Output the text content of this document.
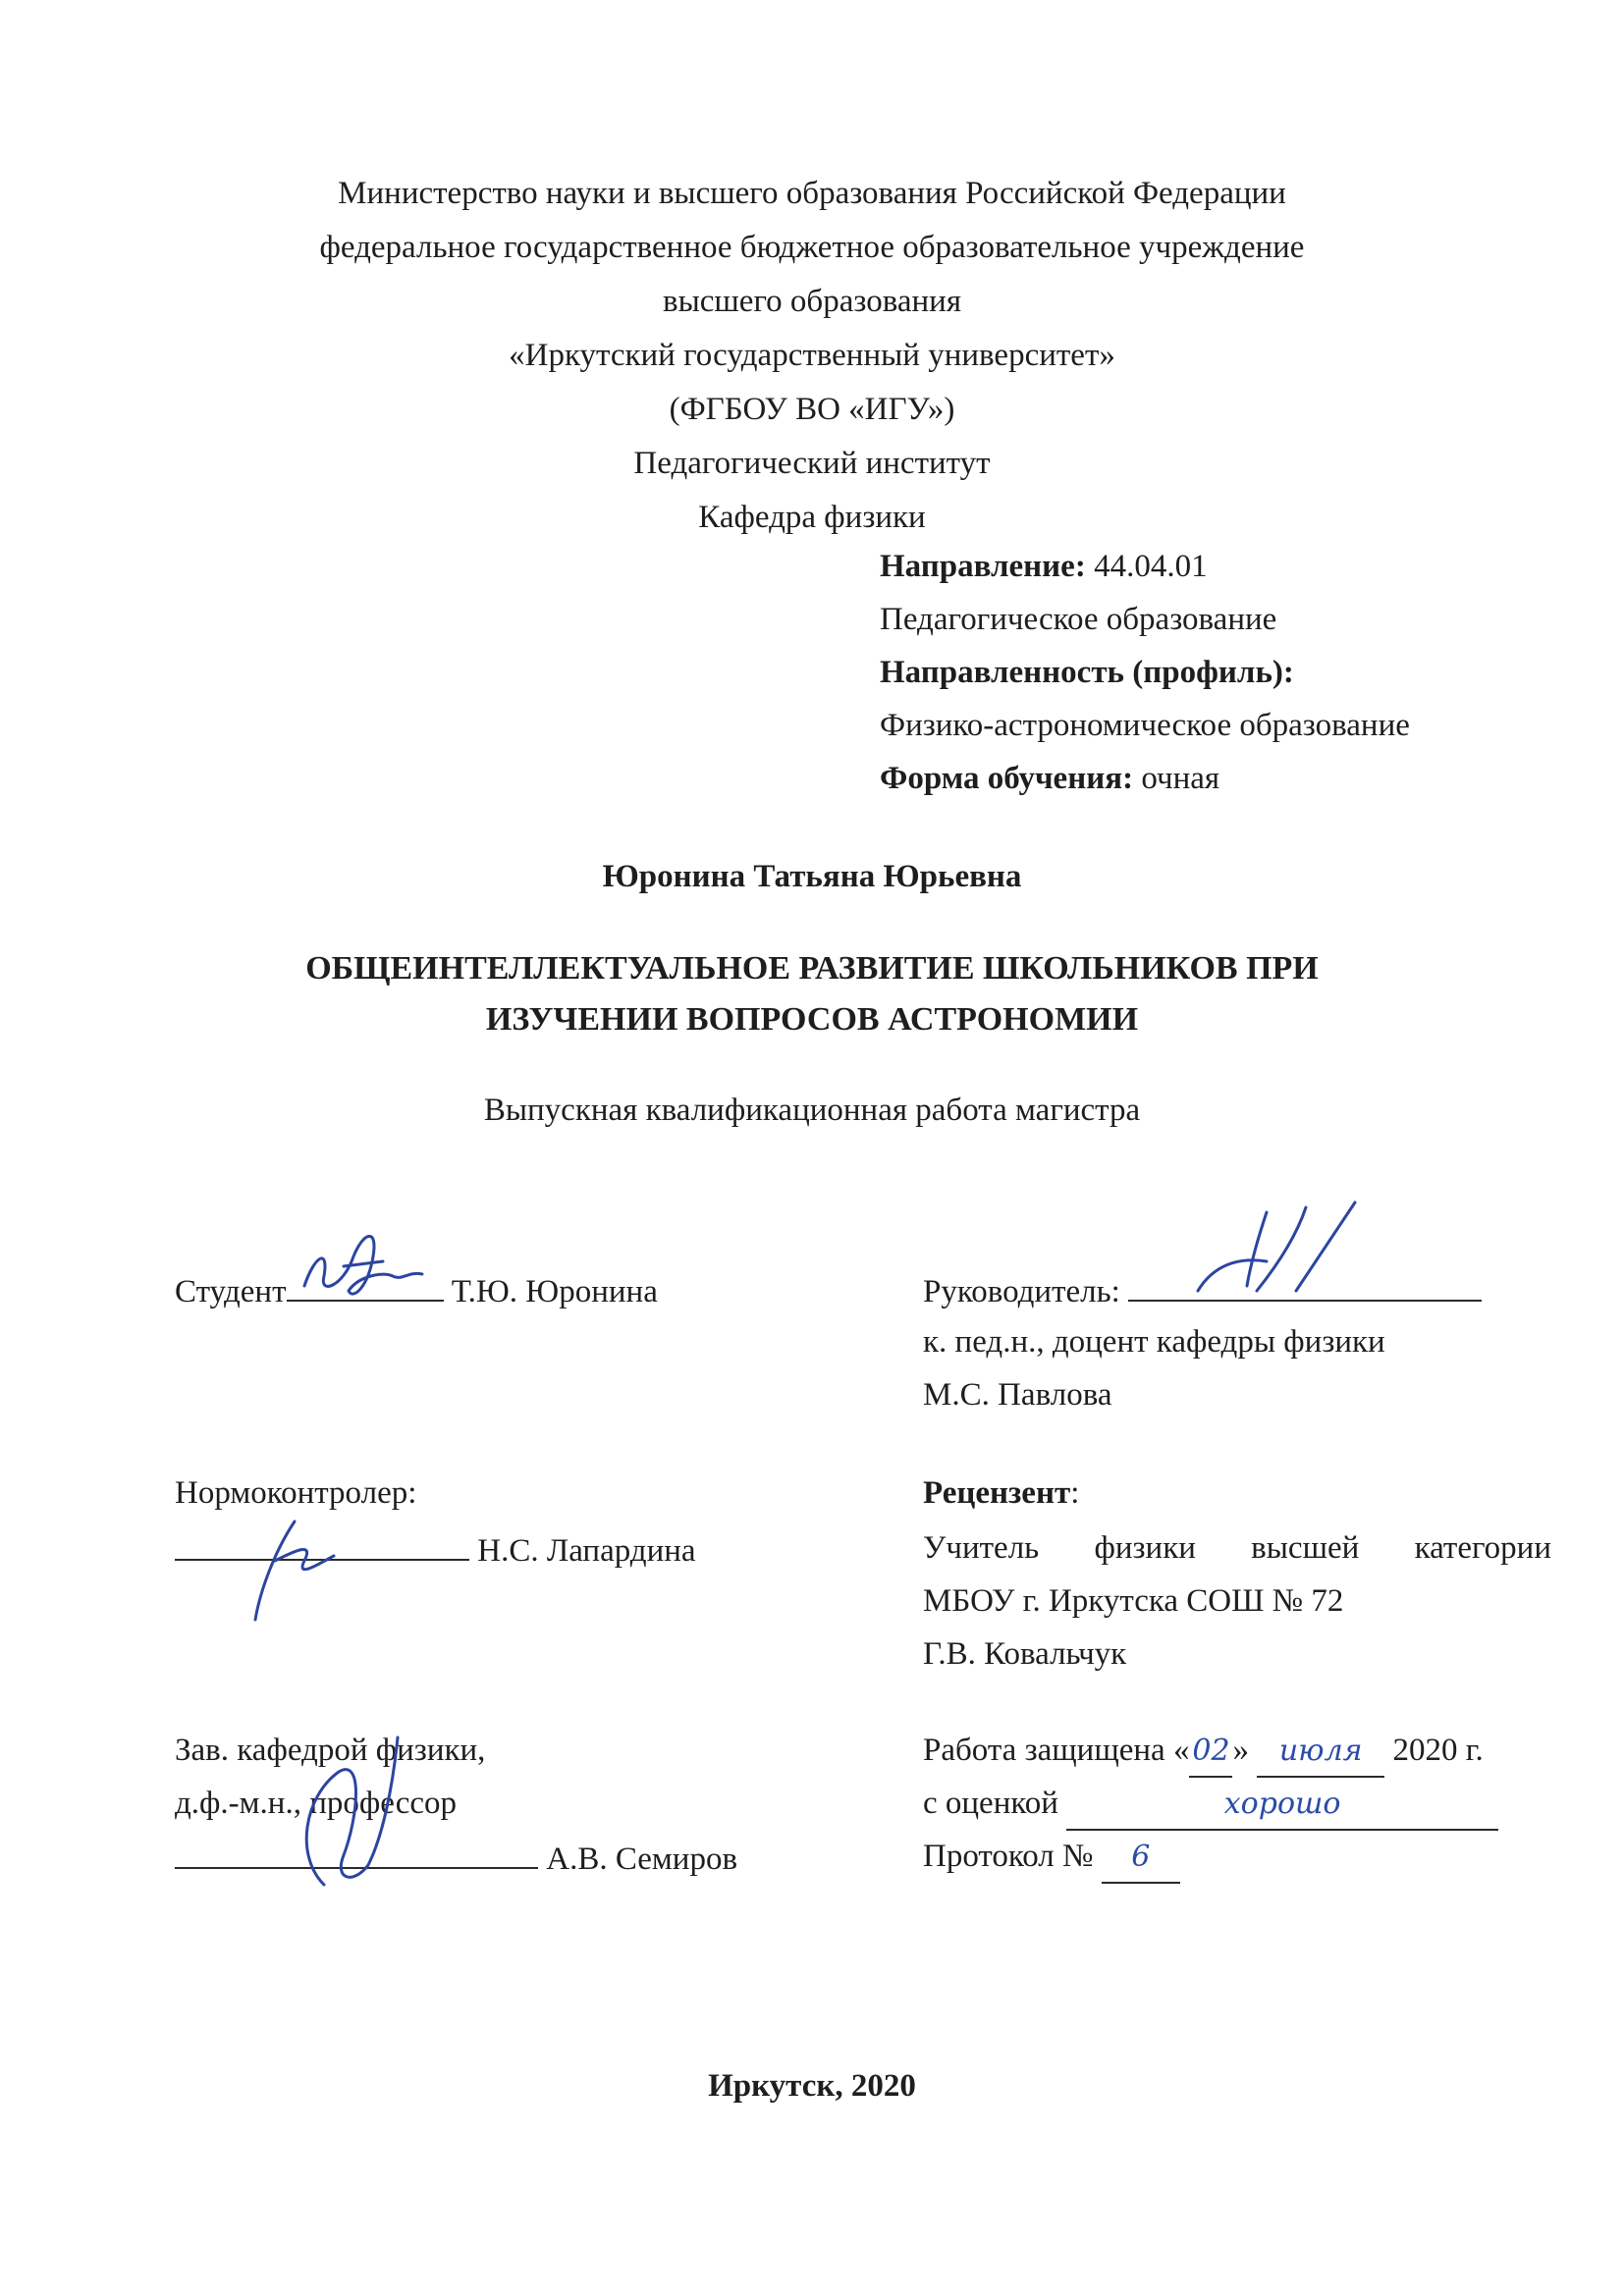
Министерство науки и высшего образования Российской Федерации
федеральное государственное бюджетное образовательное учреждение
высшего образования
«Иркутский государственный университет»
(ФГБОУ ВО «ИГУ»)
Педагогический институт
Кафедра физики
Направление: 44.04.01
Педагогическое образование
Направленность (профиль):
Физико-астрономическое образование
Форма обучения: очная
Юронина Татьяна Юрьевна
ОБЩЕИНТЕЛЛЕКТУАЛЬНОЕ РАЗВИТИЕ ШКОЛЬНИКОВ ПРИ
ИЗУЧЕНИИ ВОПРОСОВ АСТРОНОМИИ
Выпускная квалификационная работа магистра
Студент	Т.Ю. Юронина	Руководитель:
к. пед.н., доцент кафедры физики
М.С. Павлова
Нормоконтролер:
Н.С. Лапардина
Рецензент:
Учитель физики высшей категории
МБОУ г. Иркутска СОШ № 72
Г.В. Ковальчук
Зав. кафедрой физики,
д.ф.-м.н., профессор
А.В. Семиров
Работа защищена «02» июля 2020 г.
с оценкой	хорошо
Протокол № 6
Иркутск, 2020
